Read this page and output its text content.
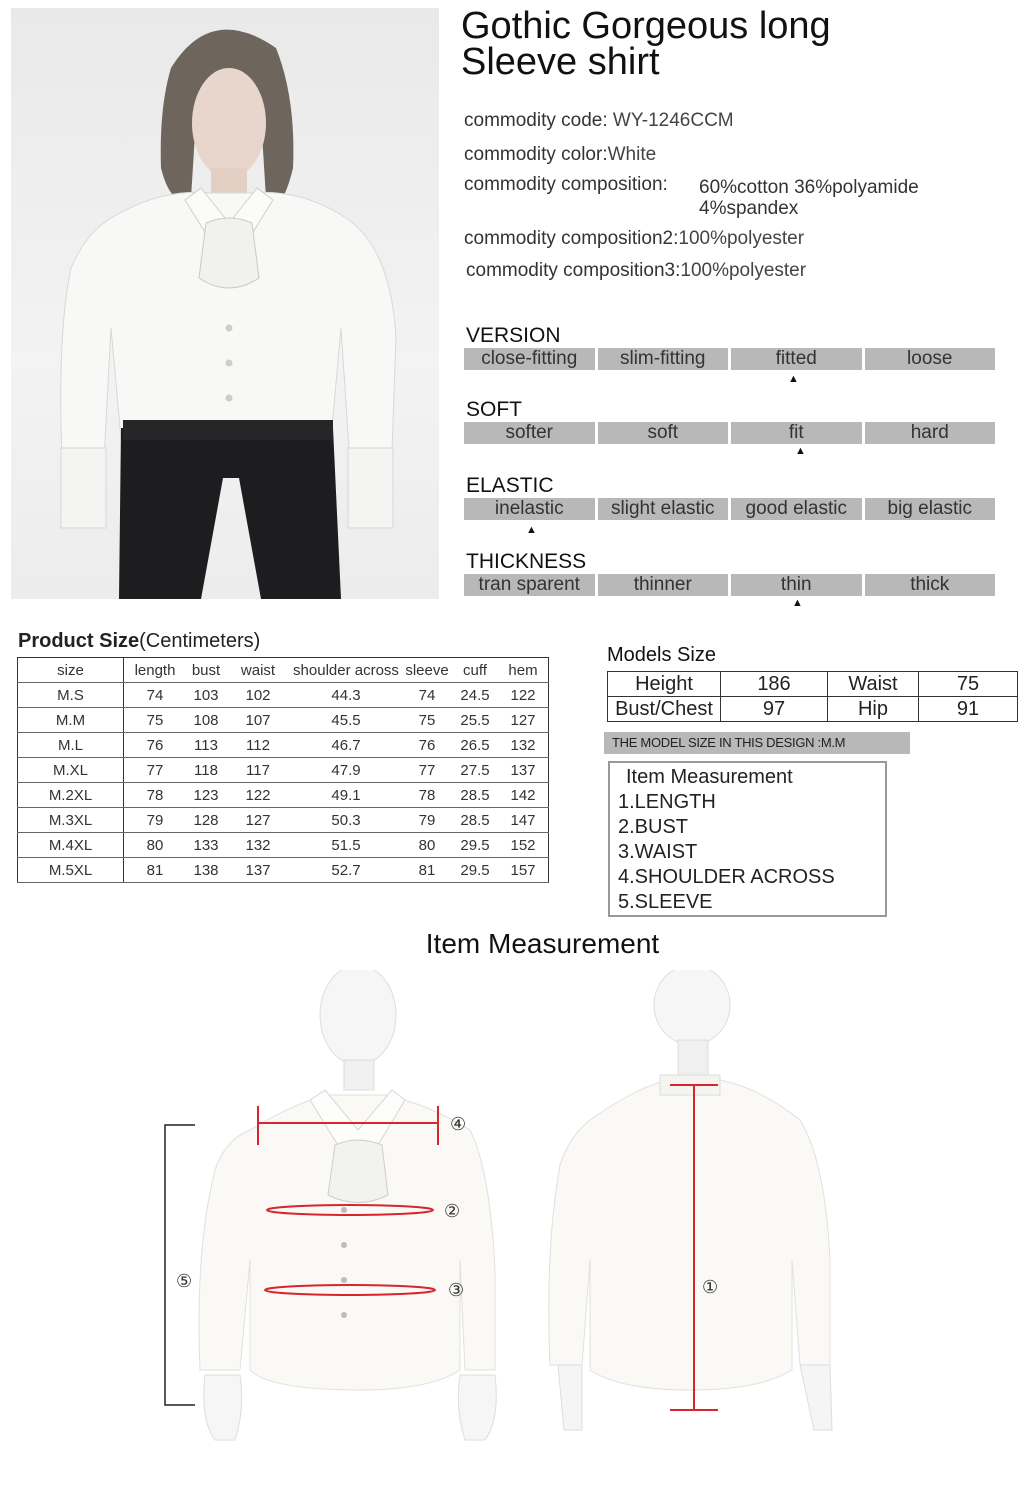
Gothic Gorgeous long
Sleeve shirt
commodity code: WY-1246CCM
commodity color:White
commodity composition: 60%cotton 36%polyamide
4%spandex
commodity composition2:100%polyester
commodity composition3:100%polyester
VERSION
close-fitting	slim-fitting	fitted	loose
▲
SOFT
softer	soft	fit	hard
▲
ELASTIC
inelastic	slight elastic	good elastic	big elastic
▲
THICKNESS
tran sparent	thinner	thin	thick
▲
Product Size(Centimeters)
size	length	bust	waist	shoulder across	sleeve	cuff	hem
M.S	74	103	102	44.3	74	24.5	122
M.M	75	108	107	45.5	75	25.5	127
M.L	76	113	112	46.7	76	26.5	132
M.XL	77	118	117	47.9	77	27.5	137
M.2XL	78	123	122	49.1	78	28.5	142
M.3XL	79	128	127	50.3	79	28.5	147
M.4XL	80	133	132	51.5	80	29.5	152
M.5XL	81	138	137	52.7	81	29.5	157
Models Size
Height	186	Waist	75
Bust/Chest	97	Hip	91
THE MODEL SIZE IN THIS DESIGN :M.M
Item Measurement
1.LENGTH
2.BUST
3.WAIST
4.SHOULDER ACROSS
5.SLEEVE
Item Measurement
④
②
③
⑤	①
